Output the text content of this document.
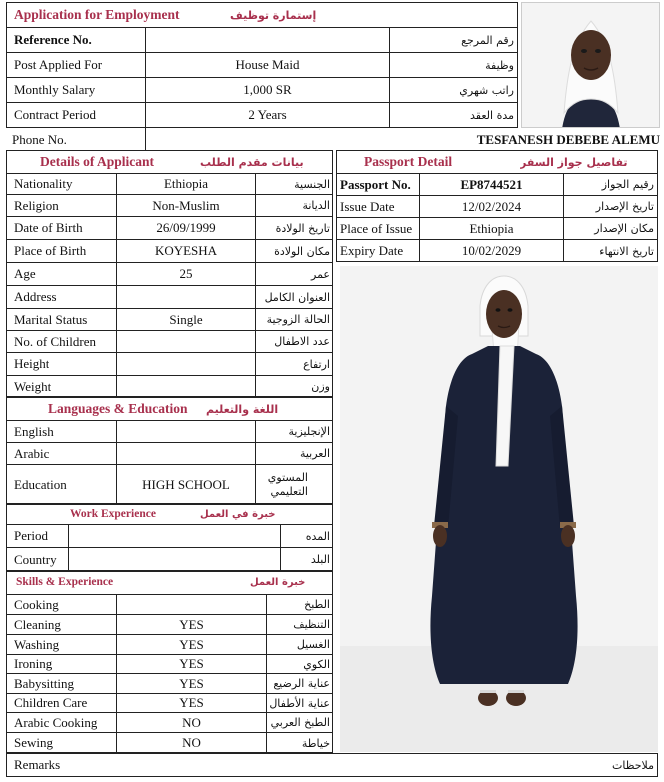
Application for Employment	إستمارة توظيف
Reference No.	رقم المرجع
Post Applied For	House Maid	وظيفة
Monthly Salary	1,000 SR	راتب شهري
Contract Period	2 Years	مدة العقد
Phone No.	TESFANESH DEBEBE ALEMU
Details of Applicant	بيانات مقدم الطلب
Nationality	Ethiopia	الجنسية
Religion	Non-Muslim	الديانة
Date of Birth	26/09/1999	تاريخ الولادة
Place of Birth	KOYESHA	مكان الولادة
Age	25	عمر
Address	العنوان الكامل
Marital Status	Single	الحالة الزوجية
No. of Children	عدد الاطفال
Height	ارتفاع
Weight	وزن
Passport Detail	تفاصيل جواز السفر
Passport No.	EP8744521	رقيم الجواز
Issue Date	12/02/2024	تاريخ الإصدار
Place of Issue	Ethiopia	مكان الإصدار
Expiry Date	10/02/2029	تاريخ الانتهاء
Languages & Education اللغة والتعليم
English	الإنجليزية
Arabic	العربية
Education	HIGH SCHOOL	المستوي التعليمي
Work Experience	خبرة في العمل
Period	المده
Country	البلد
Skills & Experience	خبرة العمل
Cooking	الطبخ
Cleaning	YES	التنظيف
Washing	YES	الغسيل
Ironing	YES	الكوي
Babysitting	YES	عناية الرضيع
Children Care	YES	عناية الأطفال
Arabic Cooking	NO	الطبخ العربي
Sewing	NO	خياطة
Remarks	ملاحظات
